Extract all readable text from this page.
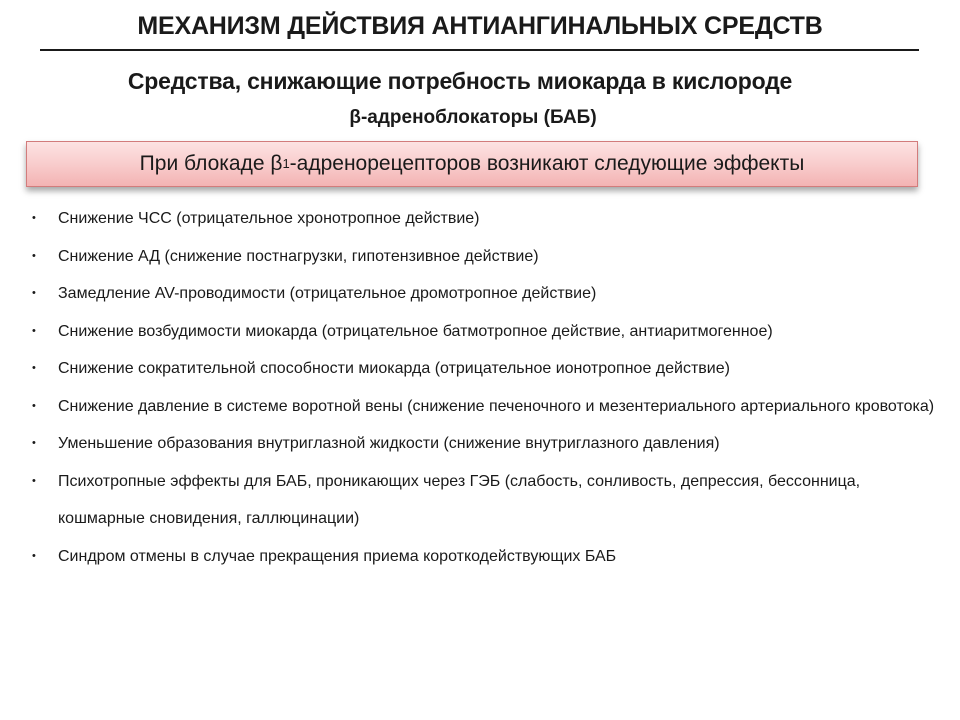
МЕХАНИЗМ ДЕЙСТВИЯ АНТИАНГИНАЛЬНЫХ СРЕДСТВ
Средства, снижающие потребность миокарда в кислороде
β-адреноблокаторы (БАБ)
При блокаде β 1 -адренорецепторов возникают следующие эффекты
• Снижение ЧСС (отрицательное хронотропное действие)
• Снижение АД (снижение постнагрузки, гипотензивное действие)
• Замедление AV-проводимости (отрицательное дромотропное действие)
• Снижение возбудимости миокарда (отрицательное батмотропное действие, антиаритмогенное)
• Снижение сократительной способности миокарда (отрицательное ионотропное действие)
• Снижение давление в системе воротной вены (снижение печеночного и мезентериального артериального кровотока)
• Уменьшение образования внутриглазной жидкости (снижение внутриглазного давления)
• Психотропные эффекты для БАБ, проникающих через ГЭБ (слабость, сонливость, депрессия, бессонница, кошмарные сновидения, галлюцинации)
• Синдром отмены в случае прекращения приема короткодействующих БАБ
